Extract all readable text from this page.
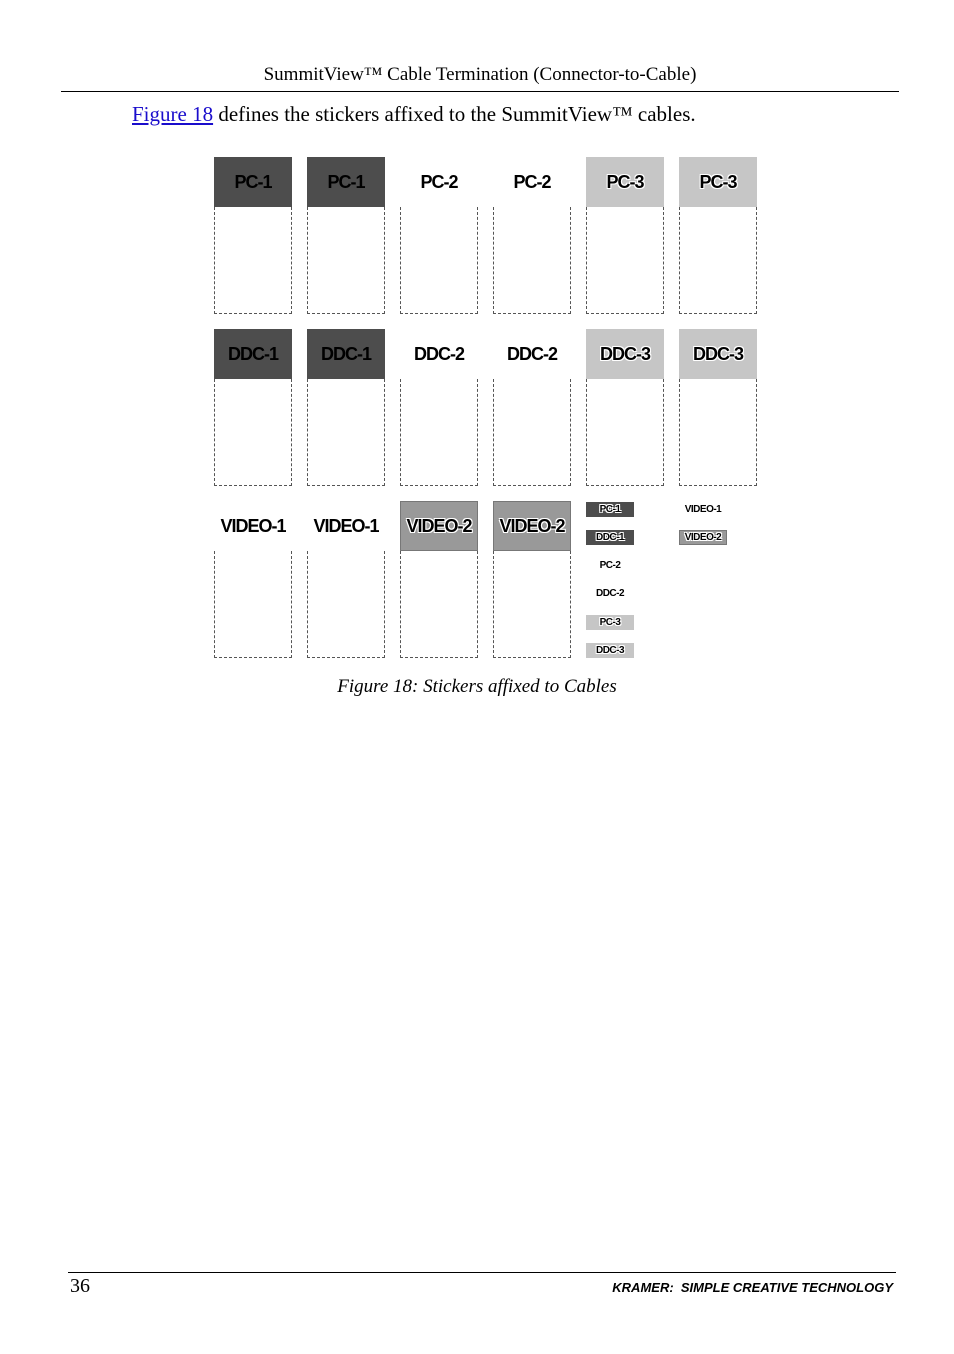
SummitView™ Cable Termination (Connector-to-Cable)
Figure 18 defines the stickers affixed to the SummitView™ cables.
PC-1	PC-1	PC-2	PC-2	PC-3	PC-3
DDC-1 DDC-1 DDC-2 DDC-2 DDC-3 DDC-3
VIDEO-1 VIDEO-1 VIDEO-2 VIDEO-2
PC-1
DDC-1
PC-2
DDC-2
PC-3
DDC-3
VIDEO-1
VIDEO-2
Figure 18: Stickers affixed to Cables
36	KRAMER:  SIMPLE CREATIVE TECHNOLOGY
